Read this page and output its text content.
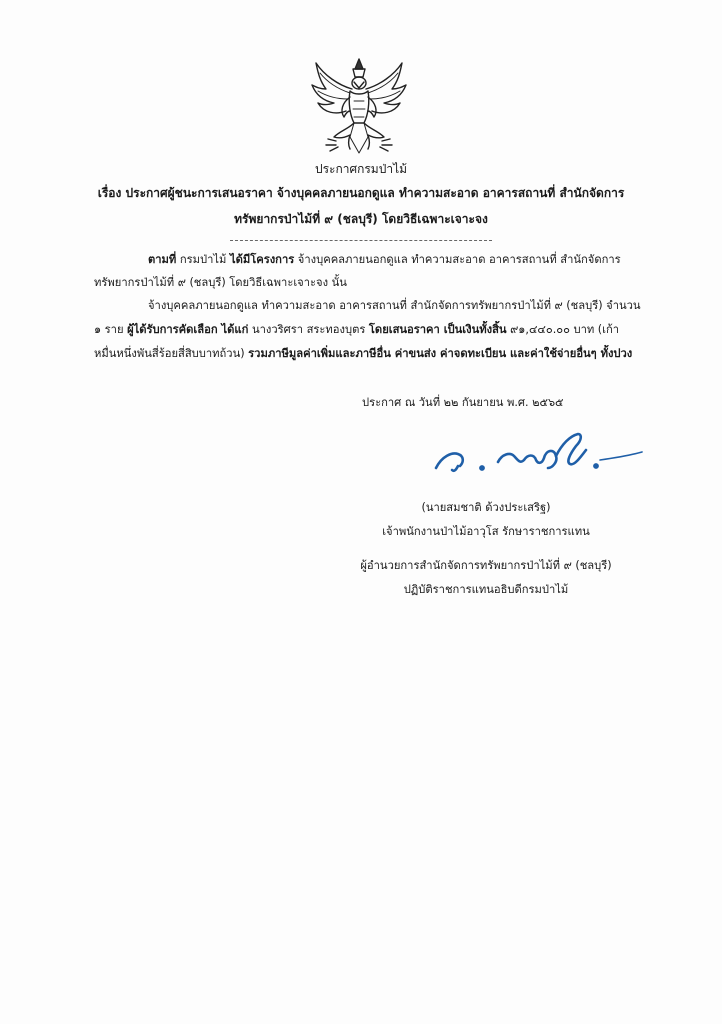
ประกาศกรมป่าไม้
เรื่อง ประกาศผู้ชนะการเสนอราคา จ้างบุคคลภายนอกดูแล ทำความสะอาด อาคารสถานที่ สำนักจัดการ
ทรัพยากรป่าไม้ที่ ๙ (ชลบุรี) โดยวิธีเฉพาะเจาะจง
ตามที่ กรมป่าไม้ ได้มีโครงการ จ้างบุคคลภายนอกดูแล ทำความสะอาด อาคารสถานที่ สำนักจัดการ
ทรัพยากรป่าไม้ที่ ๙ (ชลบุรี) โดยวิธีเฉพาะเจาะจง นั้น
จ้างบุคคลภายนอกดูแล ทำความสะอาด อาคารสถานที่ สำนักจัดการทรัพยากรป่าไม้ที่ ๙ (ชลบุรี) จำนวน
๑ ราย ผู้ได้รับการคัดเลือก ได้แก่ นางวริศรา สระทองบุตร โดยเสนอราคา เป็นเงินทั้งสิ้น ๙๑,๔๔๐.๐๐ บาท (เก้า
หมื่นหนึ่งพันสี่ร้อยสี่สิบบาทถ้วน) รวมภาษีมูลค่าเพิ่มและภาษีอื่น ค่าขนส่ง ค่าจดทะเบียน และค่าใช้จ่ายอื่นๆ ทั้งปวง
ประกาศ ณ วันที่ ๒๒ กันยายน พ.ศ. ๒๕๖๕
(นายสมชาติ ด้วงประเสริฐ)
เจ้าพนักงานป่าไม้อาวุโส รักษาราชการแทน
ผู้อำนวยการสำนักจัดการทรัพยากรป่าไม้ที่ ๙ (ชลบุรี)
ปฏิบัติราชการแทนอธิบดีกรมป่าไม้
